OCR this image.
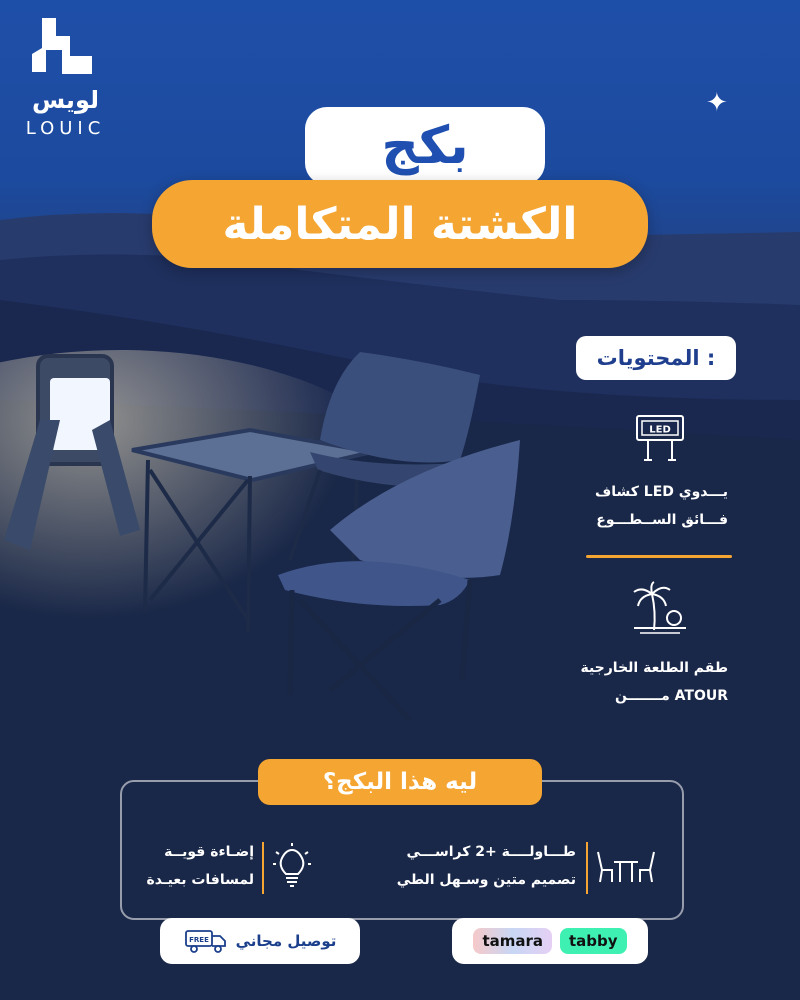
لويس
LOUIC
✦
بكج
الكشتة المتكاملة
المحتويات :
LED
كشاف LED يـــدوي
فـــائق الســطـــوع
طقم الطلعة الخارجية
مـــــــن ATOUR
ليه هذا البكج؟
طـــاولــــة +2 كراســـي
تصميم متين وسـهل الطي
إضـاءة قويــة
لمسافات بعيـدة
tamara	tabby
FREE توصيل مجاني
